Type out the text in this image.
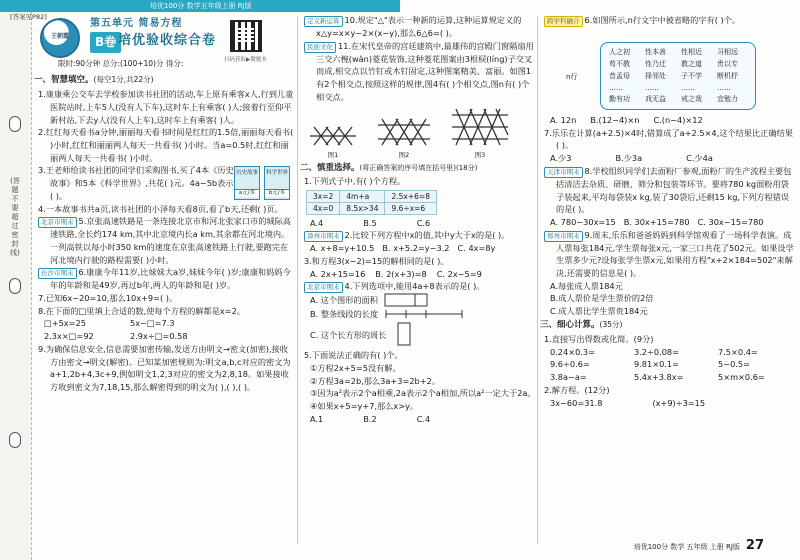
培优100分 数学五年级上册 RJ版
(答 题 不 要 超 过 密 封 线)
王朝霞
第五单元 简易方程
B卷 培优验收综合卷
扫码获取▶微题本
限时:90分钟 总分:(100+10)分 得分:
一、智慧填空。(每空1分,共22分)
1.康康乘公交车去学校参加读书社团的活动,车上原有乘客x人,行到儿童医院站时,上车5人(没有人下车),这时车上有乘客( )人;接着行至仰平新村站,下去y人(没有人上车),这时车上有乘客( )人。
2.红红每天看书a分钟,丽丽每天看书时间是红红的1.5倍,丽丽每天看书( )小时,红红和丽丽两人每天一共看书( )小时。当a=0.5时,红红和丽丽两人每天一共看书( )小时。
3.王老师给读书社团的同学们采购图书,买了4本《历史故事》和5本《科学世界》,共花( )元。4a−5b表示( )。
历史故事
a元/本
科学世界
b元/本
4.一本故事书共a页,读书社团的小泽每天看8页,看了b天,还剩( )页。
北京市期末 5.京张高速铁路是一条连接北京市和河北张家口市的城际高速铁路,全长约174 km,其中北京境内长a km,其余都在河北境内。一列高铁以每小时350 km的速度在京张高速铁路上行驶,要跑完在河北境内行驶的路程需要( )小时。
长沙市期末 6.康康今年11岁,比妹妹大a岁,妹妹今年( )岁;康康和妈妈今年的年龄和是49岁,再过b年,两人的年龄和是( )岁。
7.已知6x−20=10,那么10x+9=( )。
8.在下面的□里填上合适的数,使每个方程的解都是x=2。
□+5x=25	5x−□=7.3
2.3x×□=92	2.9x÷□=0.58
9.为确保信息安全,信息需要加密传输,发送方由明文→密文(加密),接收方由密文→明文(解密)。已知某加密规则为:明文a,b,c对应的密文为a+1,2b+4,3c+9,例如明文1,2,3对应的密文为2,8,18。如果接收方收到密文为7,18,15,那么解密得到的明文为( ),( ),( )。
定义新运算 10.规定"△"表示一种新的运算,这种运算规定义的 x△y=x×y−2×(x−y),那么6△6=( )。
民族文化 11.在宋代皇帝的宫廷建筑中,最雄伟的宫殿门窗隔扇用三交六椀(wǎn)菱花装饰,这种菱花图案由3根棂(líng)子交叉而成,相交点以竹钉或木钉固定,这种图案精美、富丽。如图1有2个相交点,按照这样的规律,图4有( )个相交点,图n有( )个相交点。
图1	图2	图3
二、慎重选择。(将正确答案的序号填在括号里)(18分)
1.下列式子中,有( )个方程。
3x=2	4m+a	2.5x+6=8
4x=0	8.5x>34	9.6÷x=6
A.4	B.5	C.6
漳州市期末 2.比较下列方程中x的值,其中y大于x的是( )。
A. x+8=y+10.5 B. x+5.2=y−3.2 C. 4x=8y
3.和方程3(x−2)=15的解相同的是( )。
A. 2x+15=16 B. 2(x+3)=8 C. 2x−5=9
北京市期末 4.下列选项中,能用4a+8表示的是( )。
A. 这个图形的面积
B. 整条线段的长度
C. 这个长方形的周长
5.下面说法正确的有( )个。
①方程2x+5=5没有解。
②方程3a=2b,那么3a+3=2b+2。
③因为a²表示2个a相乘,2a表示2个a相加,所以a²一定大于2a。
④如果x+5=y+7,那么x>y。
A.1	B.2	C.4
[答案见P82]	跨学科融合 6.如图所示,n行文字中被省略的字有( )个。
n行
人之初	性本善	性相近	习相远
苟不教	性乃迁	教之道	贵以专
昔孟母	择邻处	子不学	断机杼
……	……	……	……
勤有功	戏无益	戒之哉	宜勉力
A. 12n B.(12−4)×n C.(n−4)×12
7.乐乐在计算(a+2.5)×4时,错算成了a+2.5×4,这个结果比正确结果( )。
A.少3	B.少3a	C.少4a
天津市期末 8.学校组织同学们去面粉厂参观,面粉厂的生产流程主要包括清洁去杂质、研磨、筛分和包装等环节。要将780 kg面粉用袋子装起来,平均每袋装x kg,装了30袋后,还剩15 kg,下列方程错误的是( )。
A. 780−30x=15 B. 30x+15=780 C. 30x−15=780
郑州市期末 9.周末,乐乐和爸爸妈妈到科学馆观看了一场科学表演。成人票每张184元,学生票每张x元,一家三口共花了502元。如果设学生票多少元?设每张学生票x元,如果用方程"x+2×184=502"来解决,还需要的信息是( )。
A.每张成人票184元
B.成人票价是学生票价的2倍
C.成人票比学生票贵184元
三、细心计算。(35分)
1.直接写出得数或化简。(9分)
0.24×0.3=	3.2÷0.08=	7.5×0.4=
9.6÷0.6=	9.81×0.1=	5−0.5=
3.8a−a=	5.4x+3.8x=	5×m×0.6=
2.解方程。(12分)
3x−60=31.8	(x+9)÷3=15
培优100分 数学 五年级 上册 RJ版 27
